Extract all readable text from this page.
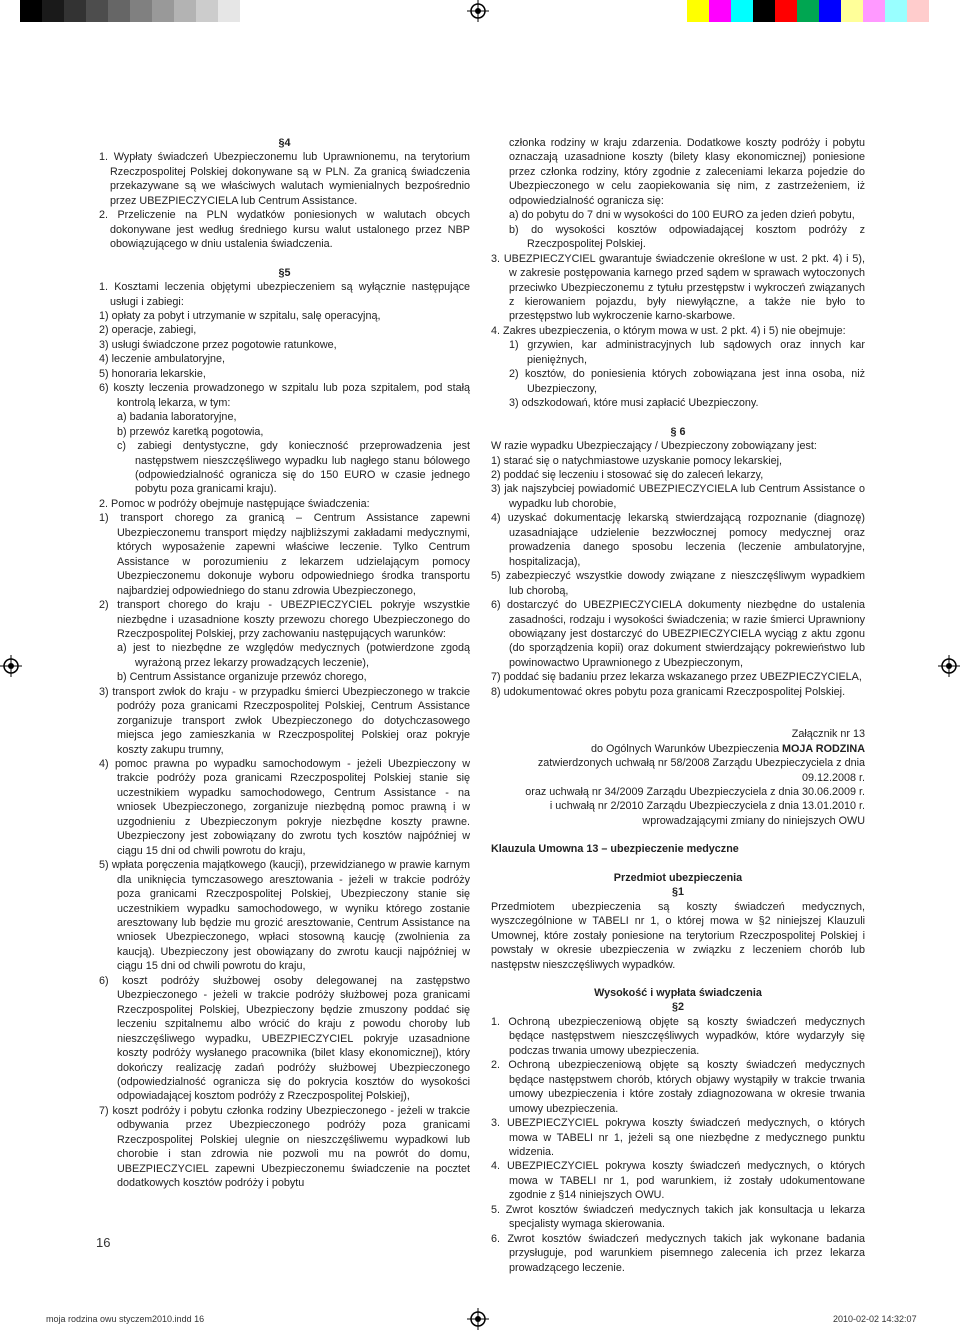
§4

1. Wypłaty świadczeń Ubezpieczonemu lub Uprawnionemu, na terytorium Rzeczpospolitej Polskiej dokonywane są w PLN. Za granicą świadczenia przekazywane są we właściwych walutach wymienialnych bezpośrednio przez UBEZPIECZYCIELA lub Centrum Assistance.

2. Przeliczenie na PLN wydatków poniesionych w walutach obcych dokonywane jest według średniego kursu walut ustalonego przez NBP obowiązującego w dniu ustalenia świadczenia.

§5

1. Kosztami leczenia objętymi ubezpieczeniem są wyłącznie następujące usługi i zabiegi:

1) opłaty za pobyt i utrzymanie w szpitalu, salę operacyjną,

2) operacje, zabiegi,

3) usługi świadczone przez pogotowie ratunkowe,

4) leczenie ambulatoryjne,

5) honoraria lekarskie,

6) koszty leczenia prowadzonego w szpitalu lub poza szpitalem, pod stałą kontrolą lekarza, w tym:

a) badania laboratoryjne,

b) przewóz karetką pogotowia,

c) zabiegi dentystyczne, gdy konieczność przeprowadzenia jest następstwem nieszczęśliwego wypadku lub nagłego stanu bólowego (odpowiedzialność ogranicza się do 150 EURO w czasie jednego pobytu poza granicami kraju).

2. Pomoc w podróży obejmuje następujące świadczenia:

1) transport chorego za granicą – Centrum Assistance zapewni Ubezpieczonemu transport między najbliższymi zakładami medycznymi, których wyposażenie zapewni właściwe leczenie. Tylko Centrum Assistance w porozumieniu z lekarzem udzielającym pomocy Ubezpieczonemu dokonuje wyboru odpowiedniego środka transportu najbardziej odpowiedniego do stanu zdrowia Ubezpieczonego,

2) transport chorego do kraju - UBEZPIECZYCIEL pokryje wszystkie niezbędne i uzasadnione koszty przewozu chorego Ubezpieczonego do Rzeczpospolitej Polskiej, przy zachowaniu następujących warunków:

a) jest to niezbędne ze względów medycznych (potwierdzone zgodą wyrażoną przez lekarzy prowadzących leczenie),

b) Centrum Assistance organizuje przewóz chorego,

3) transport zwłok do kraju - w przypadku śmierci Ubezpieczonego w trakcie podróży poza granicami Rzeczpospolitej Polskiej, Centrum Assistance zorganizuje transport zwłok Ubezpieczonego do dotychczasowego miejsca jego zamieszkania w Rzeczpospolitej Polskiej oraz pokryje koszty zakupu trumny,

4) pomoc prawna po wypadku samochodowym - jeżeli Ubezpieczony w trakcie podróży poza granicami Rzeczpospolitej Polskiej stanie się uczestnikiem wypadku samochodowego, Centrum Assistance - na wniosek Ubezpieczonego, zorganizuje niezbędną pomoc prawną i w uzgodnieniu z Ubezpieczonym pokryje niezbędne koszty prawne. Ubezpieczony jest zobowiązany do zwrotu tych kosztów najpóźniej w ciągu 15 dni od chwili powrotu do kraju,

5) wpłata poręczenia majątkowego (kaucji), przewidzianego w prawie karnym dla uniknięcia tymczasowego aresztowania - jeżeli w trakcie podróży poza granicami Rzeczpospolitej Polskiej, Ubezpieczony stanie się uczestnikiem wypadku samochodowego, w wyniku którego zostanie aresztowany lub będzie mu grozić aresztowanie, Centrum Assistance na wniosek Ubezpieczonego, wpłaci stosowną kaucję (zwolnienia za kaucją). Ubezpieczony jest obowiązany do zwrotu kaucji najpóźniej w ciągu 15 dni od chwili powrotu do kraju,

6) koszt podróży służbowej osoby delegowanej na zastępstwo Ubezpieczonego - jeżeli w trakcie podróży służbowej poza granicami Rzeczpospolitej Polskiej, Ubezpieczony będzie zmuszony poddać się leczeniu szpitalnemu albo wrócić do kraju z powodu choroby lub nieszczęśliwego wypadku, UBEZPIECZYCIEL pokryje uzasadnione koszty podróży wysłanego pracownika (bilet klasy ekonomicznej), który dokończy realizację zadań podróży służbowej Ubezpieczonego (odpowiedzialność ogranicza się do pokrycia kosztów do wysokości odpowiadającej kosztom podróży z Rzeczpospolitej Polskiej),

7) koszt podróży i pobytu członka rodziny Ubezpieczonego - jeżeli w trakcie odbywania przez Ubezpieczonego podróży poza granicami Rzeczpospolitej Polskiej ulegnie on nieszczęśliwemu wypadkowi lub chorobie i stan zdrowia nie pozwoli mu na powrót do domu, UBEZPIECZYCIEL zapewni Ubezpieczonemu świadczenie na pocztet dodatkowych kosztów podróży i pobytu

członka rodziny w kraju zdarzenia. Dodatkowe koszty podróży i pobytu oznaczają uzasadnione koszty (bilety klasy ekonomicznej) poniesione przez członka rodziny, który zgodnie z zaleceniami lekarza pojedzie do Ubezpieczonego w celu zaopiekowania się nim, z zastrzeżeniem, iż odpowiedzialność ogranicza się:

a) do pobytu do 7 dni w wysokości do 100 EURO za jeden dzień pobytu,

b) do wysokości kosztów odpowiadającej kosztom podróży z Rzeczpospolitej Polskiej.

3. UBEZPIECZYCIEL gwarantuje świadczenie określone w ust. 2 pkt. 4) i 5), w zakresie postępowania karnego przed sądem w sprawach wytoczonych przeciwko Ubezpieczonemu z tytułu przestępstw i wykroczeń związanych z kierowaniem pojazdu, były niewyłączne, a także nie było to przestępstwo lub wykroczenie karno-skarbowe.

4. Zakres ubezpieczenia, o którym mowa w ust. 2 pkt. 4) i 5) nie obejmuje:

1) grzywien, kar administracyjnych lub sądowych oraz innych kar pieniężnych,

2) kosztów, do poniesienia których zobowiązana jest inna osoba, niż Ubezpieczony,

3) odszkodowań, które musi zapłacić Ubezpieczony.

§ 6

W razie wypadku Ubezpieczający / Ubezpieczony zobowiązany jest:

1) starać się o natychmiastowe uzyskanie pomocy lekarskiej,

2) poddać się leczeniu i stosować się do zaleceń lekarzy,

3) jak najszybciej powiadomić UBEZPIECZYCIELA lub Centrum Assistance o wypadku lub chorobie,

4) uzyskać dokumentację lekarską stwierdzającą rozpoznanie (diagnozę) uzasadniające udzielenie bezzwłocznej pomocy medycznej oraz prowadzenia danego sposobu leczenia (leczenie ambulatoryjne, hospitalizacja),

5) zabezpieczyć wszystkie dowody związane z nieszczęśliwym wypadkiem lub chorobą,

6) dostarczyć do UBEZPIECZYCIELA dokumenty niezbędne do ustalenia zasadności, rodzaju i wysokości świadczenia; w razie śmierci Uprawniony obowiązany jest dostarczyć do UBEZPIECZYCIELA wyciąg z aktu zgonu (do sporządzenia kopii) oraz dokument stwierdzający pokrewieństwo lub powinowactwo Uprawnionego z Ubezpieczonym,

7) poddać się badaniu przez lekarza wskazanego przez UBEZPIECZYCIELA,

8) udokumentować okres pobytu poza granicami Rzeczpospolitej Polskiej.

Załącznik nr 13

do Ogólnych Warunków Ubezpieczenia MOJA RODZINA

zatwierdzonych uchwałą nr 58/2008 Zarządu Ubezpieczyciela z dnia 09.12.2008 r.

oraz uchwałą nr 34/2009 Zarządu Ubezpieczyciela z dnia 30.06.2009 r.

i uchwałą nr 2/2010 Zarządu Ubezpieczyciela z dnia 13.01.2010 r.

wprowadzającymi zmiany do niniejszych OWU

Klauzula Umowna 13 – ubezpieczenie medyczne

Przedmiot ubezpieczenia

§1

Przedmiotem ubezpieczenia są koszty świadczeń medycznych, wyszczególnione w TABELI nr 1, o której mowa w §2 niniejszej Klauzuli Umownej, które zostały poniesione na terytorium Rzeczpospolitej Polskiej i powstały w okresie ubezpieczenia w związku z leczeniem chorób lub następstw nieszczęśliwych wypadków.

Wysokość i wypłata świadczenia

§2

1. Ochroną ubezpieczeniową objęte są koszty świadczeń medycznych będące następstwem nieszczęśliwych wypadków, które wydarzyły się podczas trwania umowy ubezpieczenia.

2. Ochroną ubezpieczeniową objęte są koszty świadczeń medycznych będące następstwem chorób, których objawy wystąpiły w trakcie trwania umowy ubezpieczenia i które zostały zdiagnozowana w okresie trwania umowy ubezpieczenia.

3. UBEZPIECZYCIEL pokrywa koszty świadczeń medycznych, o których mowa w TABELI nr 1, jeżeli są one niezbędne z medycznego punktu widzenia.

4. UBEZPIECZYCIEL pokrywa koszty świadczeń medycznych, o których mowa w TABELI nr 1, pod warunkiem, iż zostały udokumentowane zgodnie z §14 niniejszych OWU.

5. Zwrot kosztów świadczeń medycznych takich jak konsultacja u lekarza specjalisty wymaga skierowania.

6. Zwrot kosztów świadczeń medycznych takich jak wykonane badania przysługuje, pod warunkiem pisemnego zalecenia ich przez lekarza prowadzącego leczenie.

16
moja rodzina owu styczem2010.indd 16	2010-02-02 14:32:07
